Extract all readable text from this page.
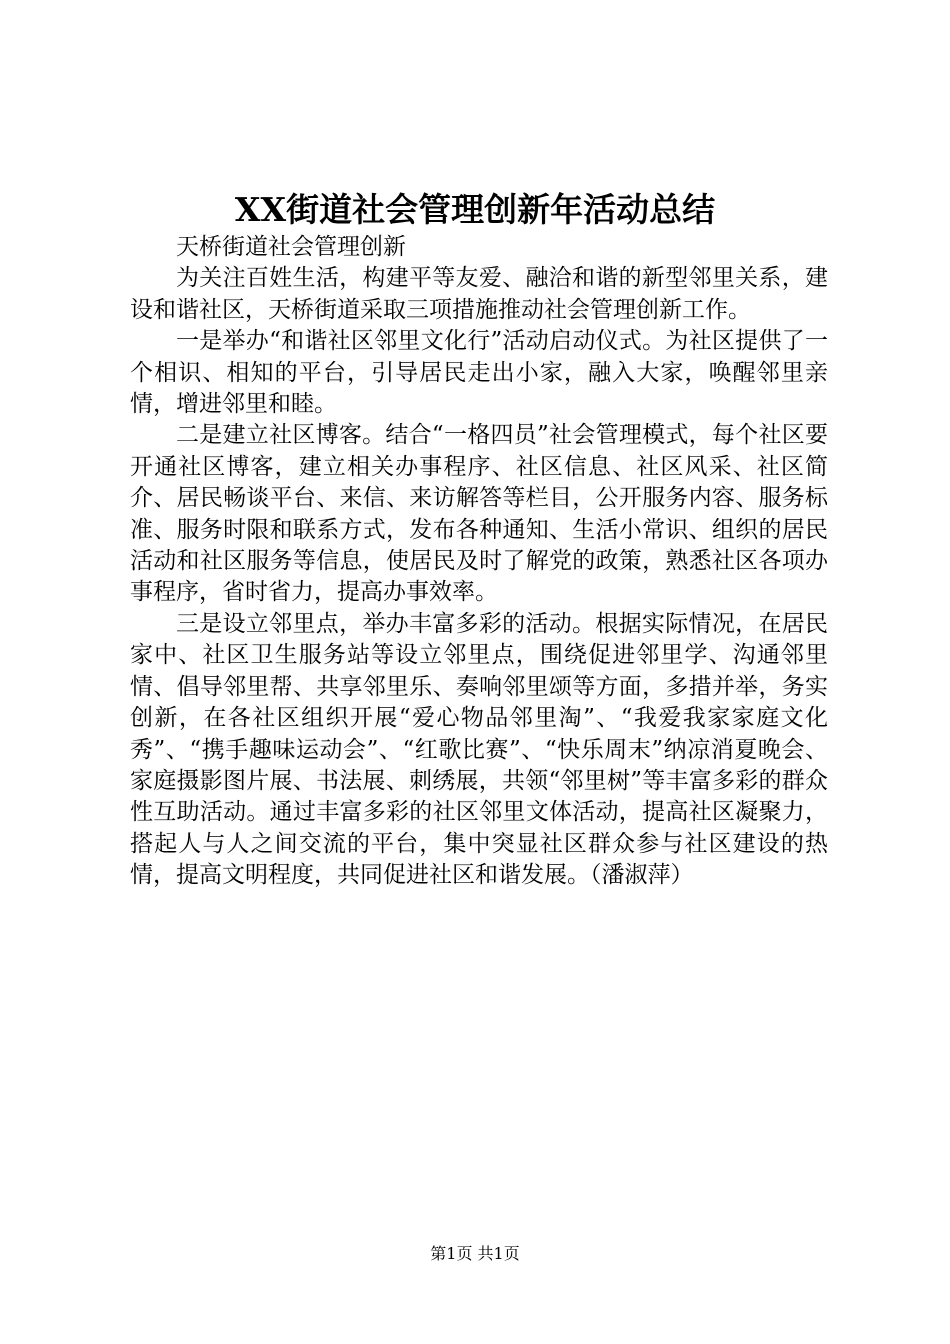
XX街道社会管理创新年活动总结

天桥街道社会管理创新

为关注百姓生活，构建平等友爱、融洽和谐的新型邻里关系，建设和谐社区，天桥街道采取三项措施推动社会管理创新工作。

一是举办“和谐社区邻里文化行”活动启动仪式。为社区提供了一个相识、相知的平台，引导居民走出小家，融入大家，唤醒邻里亲情，增进邻里和睦。

二是建立社区博客。结合“一格四员”社会管理模式，每个社区要开通社区博客，建立相关办事程序、社区信息、社区风采、社区简介、居民畅谈平台、来信、来访解答等栏目，公开服务内容、服务标准、服务时限和联系方式，发布各种通知、生活小常识、组织的居民活动和社区服务等信息，使居民及时了解党的政策，熟悉社区各项办事程序，省时省力，提高办事效率。

三是设立邻里点，举办丰富多彩的活动。根据实际情况，在居民家中、社区卫生服务站等设立邻里点，围绕促进邻里学、沟通邻里情、倡导邻里帮、共享邻里乐、奏响邻里颂等方面，多措并举，务实创新，在各社区组织开展“爱心物品邻里淘”、“我爱我家家庭文化秀”、“携手趣味运动会”、“红歌比赛”、“快乐周末”纳凉消夏晚会、家庭摄影图片展、书法展、刺绣展，共领“邻里树”等丰富多彩的群众性互助活动。通过丰富多彩的社区邻里文体活动，提高社区凝聚力，搭起人与人之间交流的平台，集中突显社区群众参与社区建设的热情，提高文明程度，共同促进社区和谐发展。（潘淑萍）

第1页 共1页
